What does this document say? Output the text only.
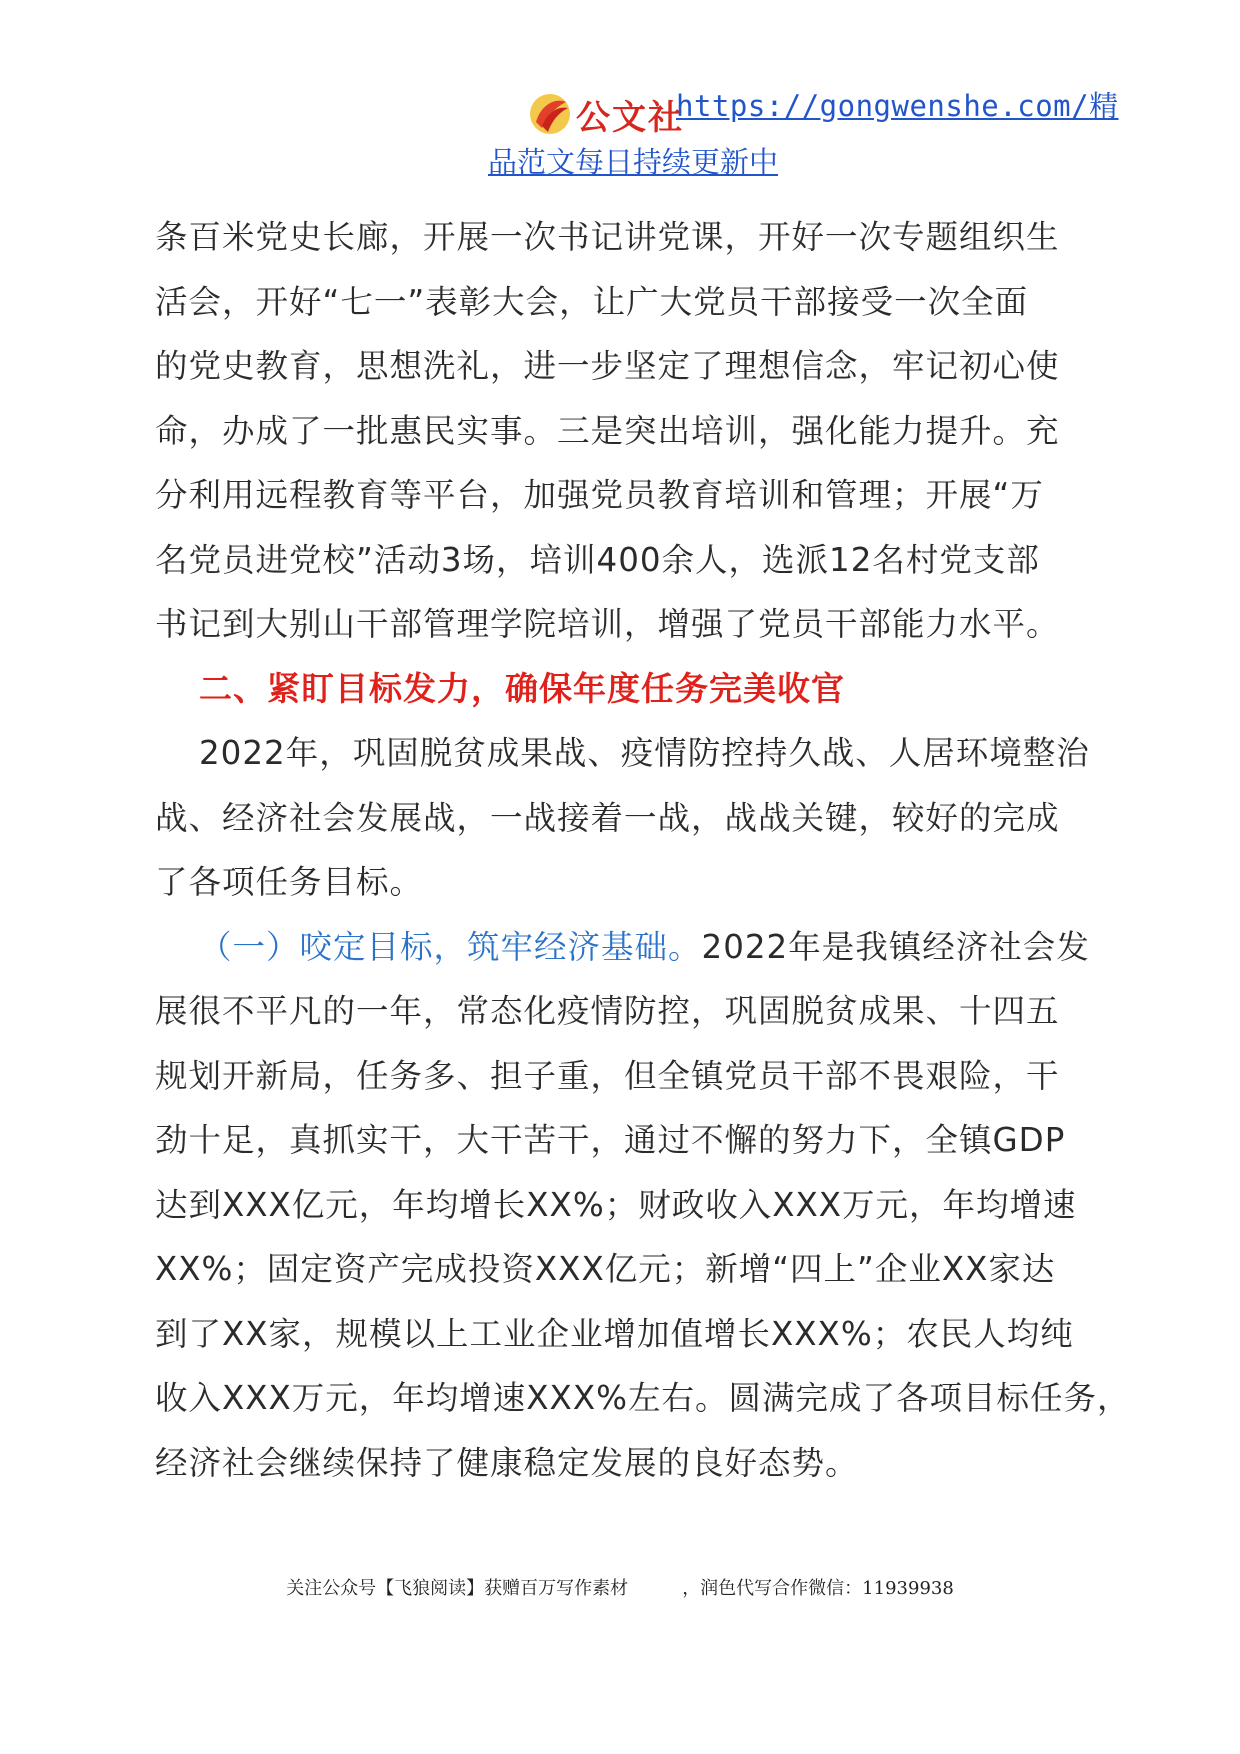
公文社
https://gongwenshe.com/精
品范文每日持续更新中
条百米党史长廊，开展一次书记讲党课，开好一次专题组织生
活会，开好“七一”表彰大会，让广大党员干部接受一次全面
的党史教育，思想洗礼，进一步坚定了理想信念，牢记初心使
命，办成了一批惠民实事。三是突出培训，强化能力提升。充
分利用远程教育等平台，加强党员教育培训和管理；开展“万
名党员进党校”活动3场，培训400余人，选派12名村党支部
书记到大别山干部管理学院培训，增强了党员干部能力水平。
二、紧盯目标发力，确保年度任务完美收官
2022年，巩固脱贫成果战、疫情防控持久战、人居环境整治
战、经济社会发展战，一战接着一战，战战关键，较好的完成
了各项任务目标。
（一）咬定目标，筑牢经济基础。2022年是我镇经济社会发
展很不平凡的一年，常态化疫情防控，巩固脱贫成果、十四五
规划开新局，任务多、担子重，但全镇党员干部不畏艰险，干
劲十足，真抓实干，大干苦干，通过不懈的努力下，全镇GDP
达到XXX亿元，年均增长XX%；财政收入XXX万元，年均增速
XX%；固定资产完成投资XXX亿元；新增“四上”企业XX家达
到了XX家，规模以上工业企业增加值增长XXX%；农民人均纯
收入XXX万元，年均增速XXX%左右。圆满完成了各项目标任务，
经济社会继续保持了健康稳定发展的良好态势。
关注公众号【飞狼阅读】获赠百万写作素材	，润色代写合作微信：11939938
